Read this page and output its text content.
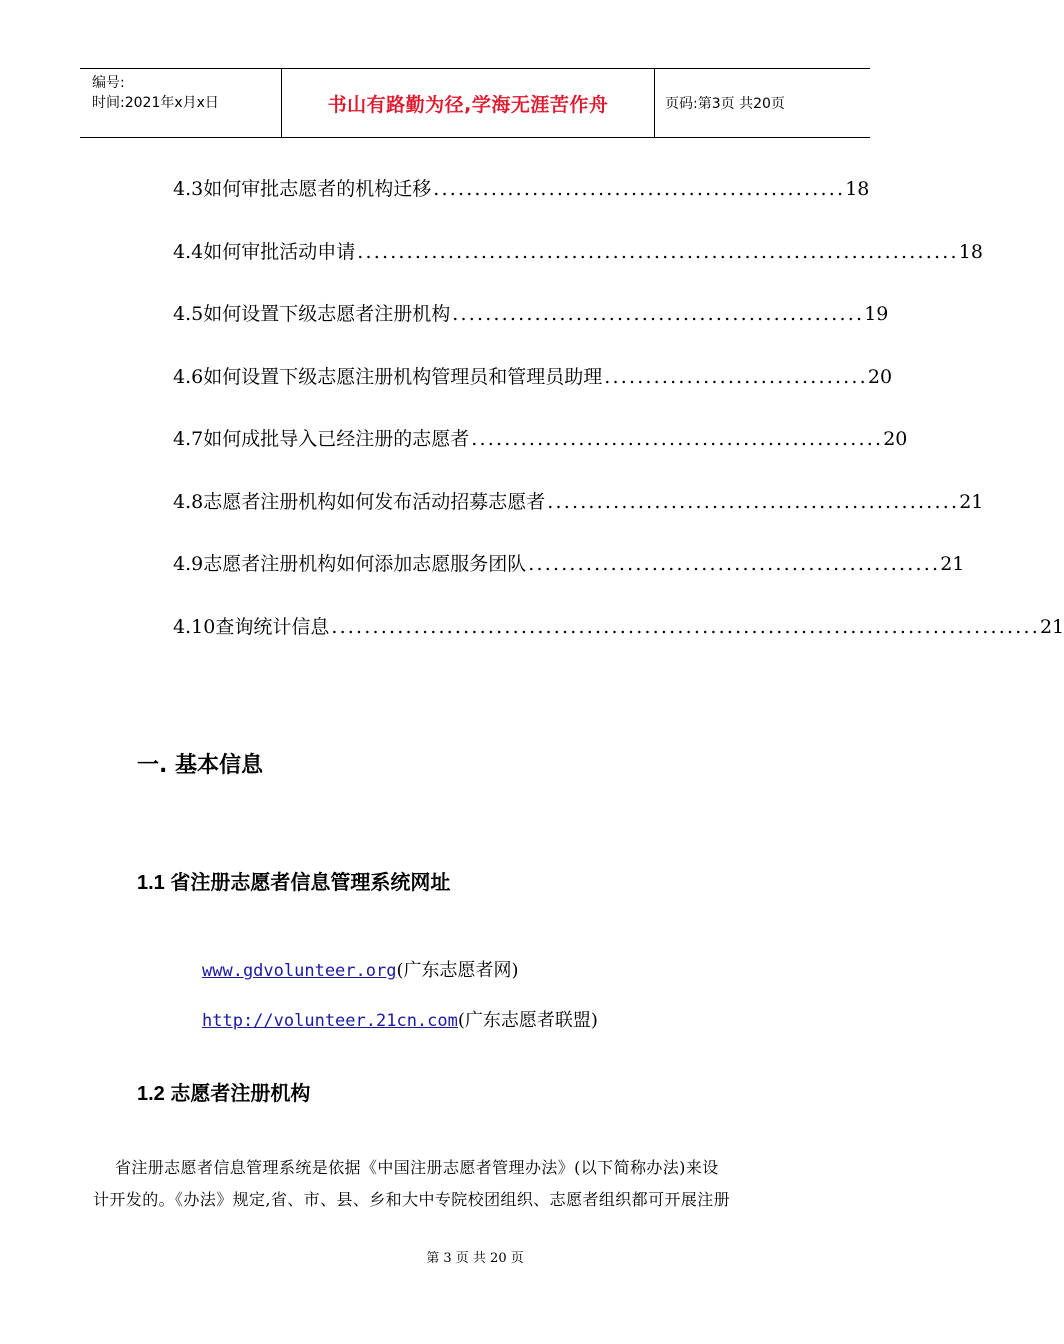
编号:
时间:2021年x月x日	书山有路勤为径,学海无涯苦作舟	页码:第3页 共20页
4.3 如何审批志愿者的机构迁移 .................................................. 18
4.4 如何审批活动申请 ......................................................................... 18
4.5 如何设置下级志愿者注册机构 .................................................. 19
4.6 如何设置下级志愿注册机构管理员和管理员助理 ................................ 20
4.7 如何成批导入已经注册的志愿者 .................................................. 20
4.8 志愿者注册机构如何发布活动招募志愿者 .................................................. 21
4.9 志愿者注册机构如何添加志愿服务团队 .................................................. 21
4.10 查询统计信息 ...................................................................................... 21
一. 基本信息
1.1 省注册志愿者信息管理系统网址
www.gdvolunteer.org(广东志愿者网)
http://volunteer.21cn.com(广东志愿者联盟)
1.2 志愿者注册机构
省注册志愿者信息管理系统是依据《中国注册志愿者管理办法》(以下简称办法)来设
计开发的。《办法》规定,省、市、县、乡和大中专院校团组织、志愿者组织都可开展注册
第 3 页 共 20 页
